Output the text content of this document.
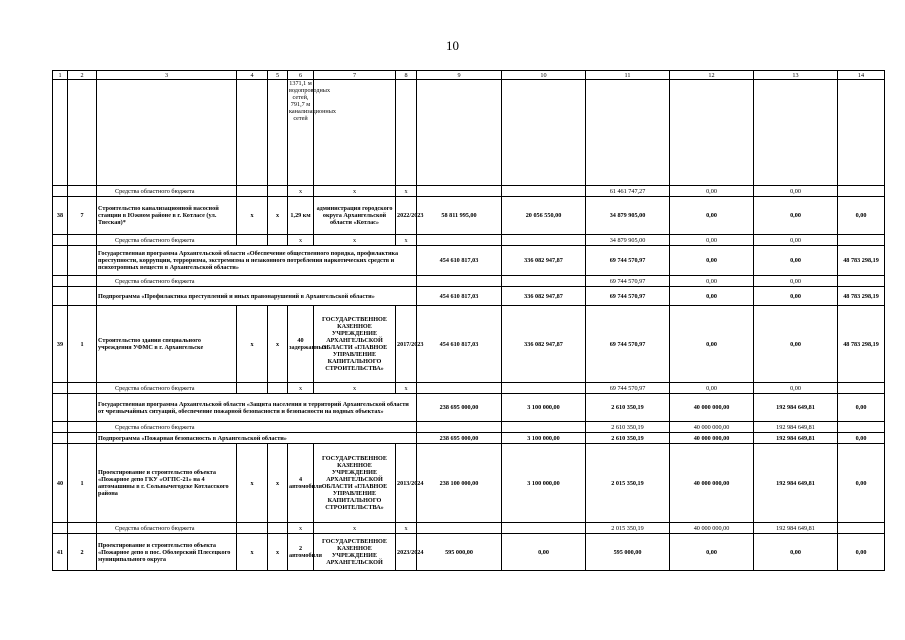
10
1	2	3	4	5	6	7	8	9	10	11	12	13	14
					1371,1 м водопроводных сетей, 791,7 м канализационных сетей								
		Средства областного бюджета			x	x	x			61 461 747,27	0,00	0,00	
38	7	Строительство канализационной насосной станции в Южном районе в г. Котласе (ул. Твеская)*	x	x	1,29 км	администрация городского округа Архангельской области «Котлас»	2022/2023	58 811 995,00	20 056 550,00	34 879 905,00	0,00	0,00	0,00
		Средства областного бюджета			x	x	x			34 879 905,00	0,00	0,00	
		Государственная программа Архангельской области «Обеспечение общественного порядка, профилактика преступности, коррупции, терроризма, экстремизма и незаконного потребления наркотических средств и психотропных веществ в Архангельской области»						454 610 817,03	336 082 947,87	69 744 570,97	0,00	0,00	48 783 298,19
		Средства областного бюджета								69 744 570,97	0,00	0,00	
		Подпрограмма «Профилактика преступлений и иных правонарушений в Архангельской области»						454 610 817,03	336 082 947,87	69 744 570,97	0,00	0,00	48 783 298,19
39	1	Строительство здания специального учреждения УФМС в г. Архангельске	x	x	40 задержанных	ГОСУДАРСТВЕННОЕ КАЗЕННОЕ УЧРЕЖДЕНИЕ АРХАНГЕЛЬСКОЙ ОБЛАСТИ «ГЛАВНОЕ УПРАВЛЕНИЕ КАПИТАЛЬНОГО СТРОИТЕЛЬСТВА»	2017/2023	454 610 817,03	336 082 947,87	69 744 570,97	0,00	0,00	48 783 298,19
		Средства областного бюджета			x	x	x			69 744 570,97	0,00	0,00	
		Государственная программа Архангельской области «Защита населения и территорий Архангельской области от чрезвычайных ситуаций, обеспечение пожарной безопасности и безопасности на водных объектах»						238 695 000,00	3 100 000,00	2 610 350,19	40 000 000,00	192 984 649,81	0,00
		Средства областного бюджета								2 610 350,19	40 000 000,00	192 984 649,81	
		Подпрограмма «Пожарная безопасность в Архангельской области»						238 695 000,00	3 100 000,00	2 610 350,19	40 000 000,00	192 984 649,81	0,00
40	1	Проектирование и строительство объекта «Пожарное депо ГКУ «ОГПС-21» на 4 автомашины в г. Сольвычегодске Котласского района	x	x	4 автомобиля	ГОСУДАРСТВЕННОЕ КАЗЕННОЕ УЧРЕЖДЕНИЕ АРХАНГЕЛЬСКОЙ ОБЛАСТИ «ГЛАВНОЕ УПРАВЛЕНИЕ КАПИТАЛЬНОГО СТРОИТЕЛЬСТВА»	2013/2024	238 100 000,00	3 100 000,00	2 015 350,19	40 000 000,00	192 984 649,81	0,00
		Средства областного бюджета			x	x	x			2 015 350,19	40 000 000,00	192 984 649,81	
41	2	Проектирование и строительство объекта «Пожарное депо в пос. Оболерский Плесецкого муниципального округа	x	x	2 автомобиля	ГОСУДАРСТВЕННОЕ КАЗЕННОЕ УЧРЕЖДЕНИЕ АРХАНГЕЛЬСКОЙ	2023/2024	595 000,00	0,00	595 000,00	0,00	0,00	0,00
